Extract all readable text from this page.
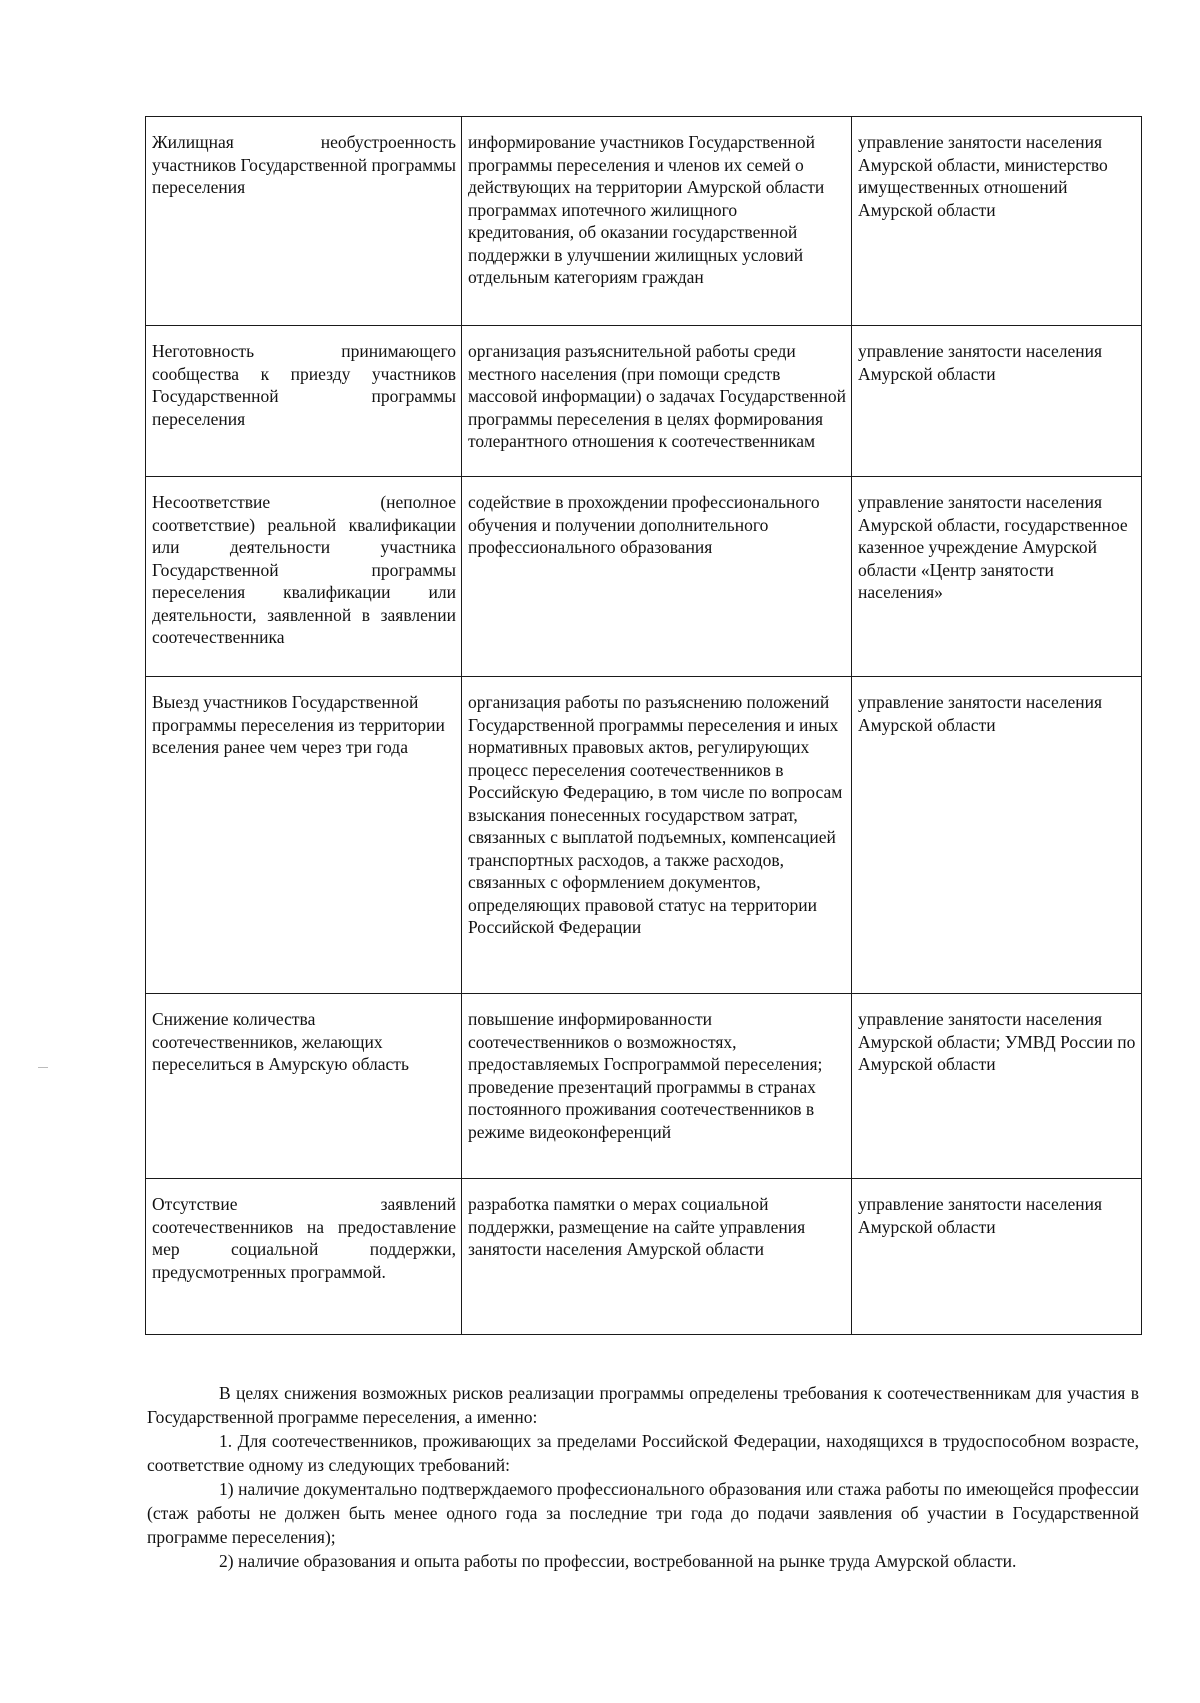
Жилищная необустроенность участников Государственной программы переселения	информирование участников Государственной программы переселения и членов их семей о действующих на территории Амурской области программах ипотечного жилищного кредитования, об оказании государственной поддержки в улучшении жилищных условий отдельным категориям граждан	управление занятости населения Амурской области, министерство имущественных отношений Амурской области
Неготовность принимающего сообщества к приезду участников Государственной программы переселения	организация разъяснительной работы среди местного населения (при помощи средств массовой информации) о задачах Государственной программы переселения в целях формирования толерантного отношения к соотечественникам	управление занятости населения Амурской области
Несоответствие (неполное соответствие) реальной квалификации или деятельности участника Государственной программы переселения квалификации или деятельности, заявленной в заявлении соотечественника	содействие в прохождении профессионального обучения и получении дополнительного профессионального образования	управление занятости населения Амурской области, государственное казенное учреждение Амурской области «Центр занятости населения»
Выезд участников Государственной программы переселения из территории вселения ранее чем через три года	организация работы по разъяснению положений Государственной программы переселения и иных нормативных правовых актов, регулирующих процесс переселения соотечественников в Российскую Федерацию, в том числе по вопросам взыскания понесенных государством затрат, связанных с выплатой подъемных, компенсацией транспортных расходов, а также расходов, связанных с оформлением документов, определяющих правовой статус на территории Российской Федерации	управление занятости населения Амурской области
Снижение количества соотечественников, желающих переселиться в Амурскую область	повышение информированности соотечественников о возможностях, предоставляемых Госпрограммой переселения; проведение презентаций программы в странах постоянного проживания соотечественников в режиме видеоконференций	управление занятости населения Амурской области; УМВД России по Амурской области
Отсутствие заявлений соотечественников на предоставление мер социальной поддержки, предусмотренных программой.	разработка памятки о мерах социальной поддержки, размещение на сайте управления занятости населения Амурской области	управление занятости населения Амурской области

В целях снижения возможных рисков реализации программы определены требования к соотечественникам для участия в Государственной программе переселения, а именно:

1. Для соотечественников, проживающих за пределами Российской Федерации, находящихся в трудоспособном возрасте, соответствие одному из следующих требований:

1) наличие документально подтверждаемого профессионального образования или стажа работы по имеющейся профессии (стаж работы не должен быть менее одного года за последние три года до подачи заявления об участии в Государственной программе переселения);

2) наличие образования и опыта работы по профессии, востребованной на рынке труда Амурской области.
